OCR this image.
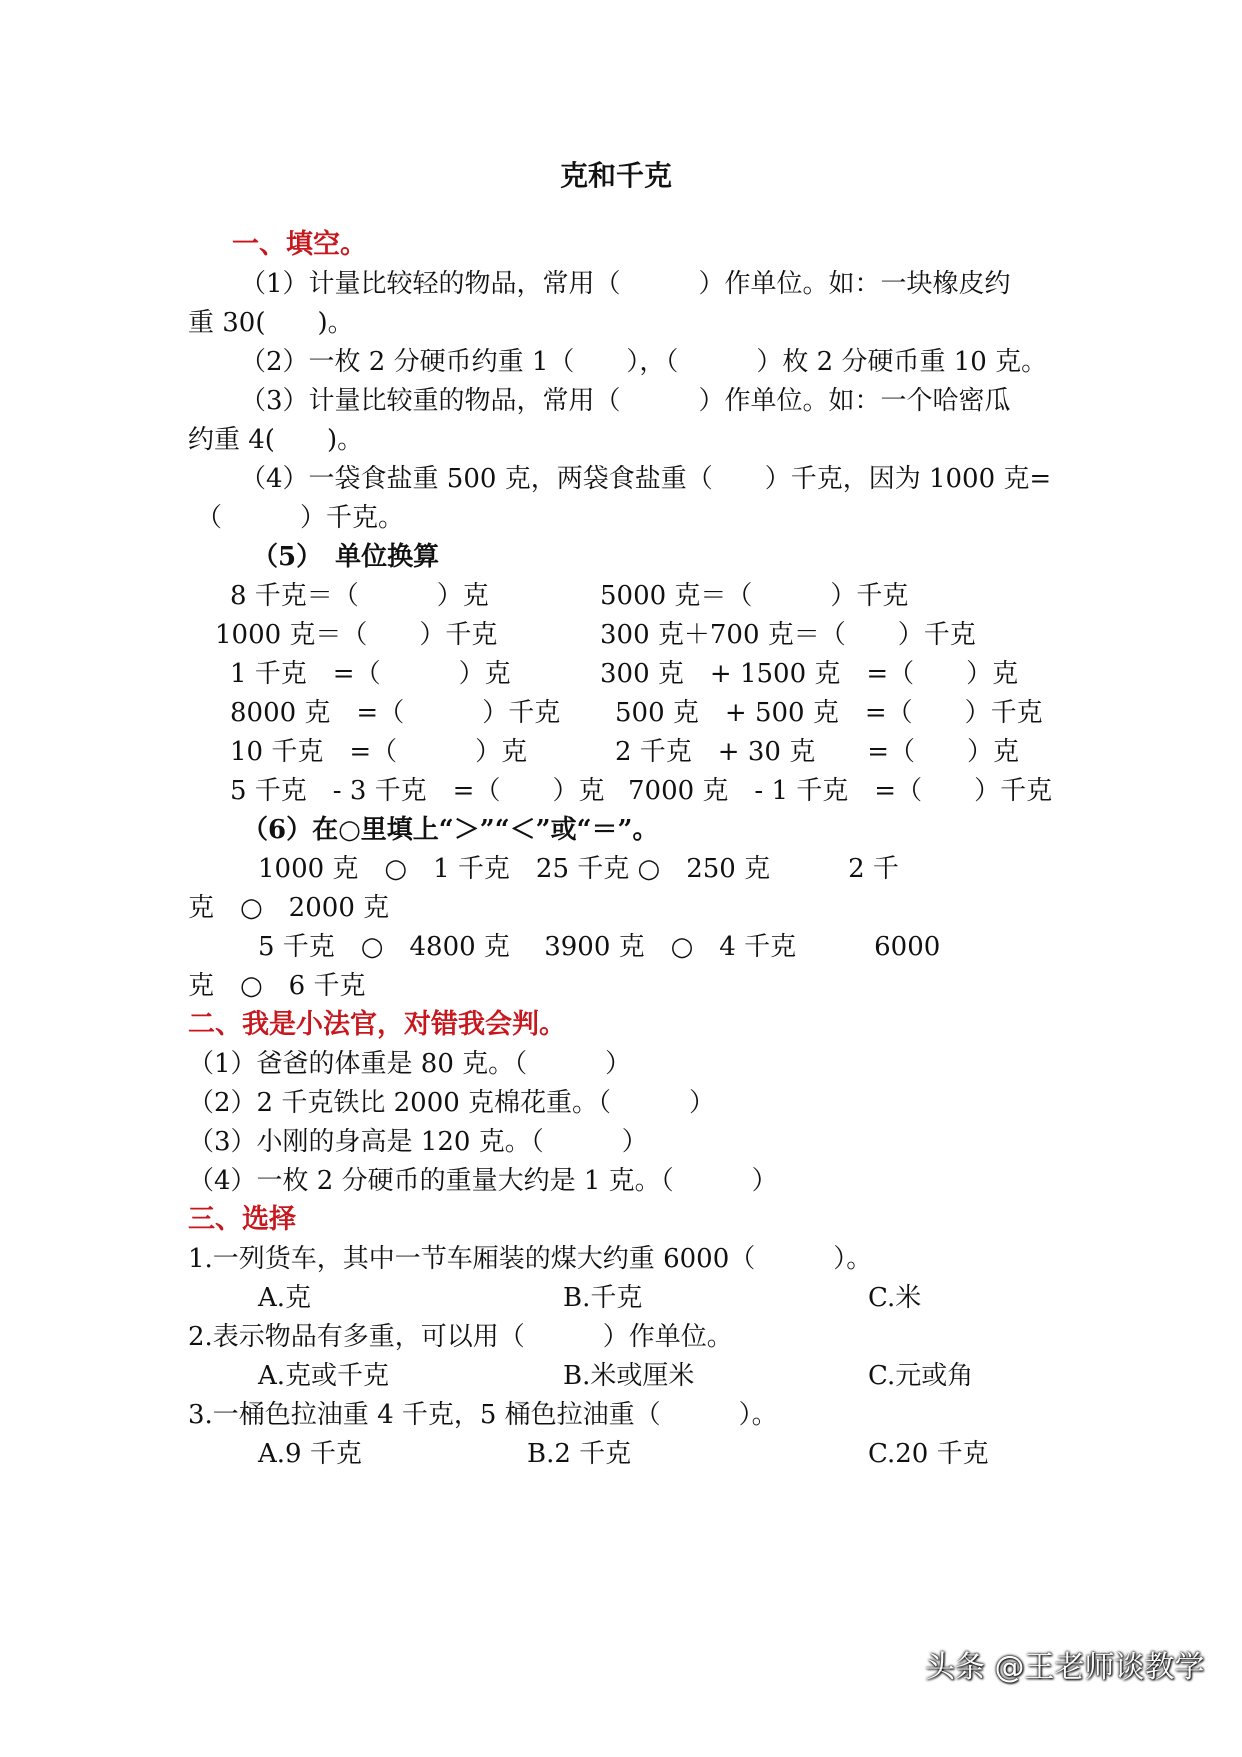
克和千克
一、填空。
（1）计量比较轻的物品，常用（　　　）作单位。如：一块橡皮约
重 30(　　)。
（2）一枚 2 分硬币约重 1（　　），（　　　）枚 2 分硬币重 10 克。
（3）计量比较重的物品，常用（　　　）作单位。如：一个哈密瓜
约重 4(　　)。
（4）一袋食盐重 500 克，两袋食盐重（　　）千克，因为 1000 克=
（　　　）千克。
（5）　单位换算
8 千克＝（　　　）克	5000 克＝（　　　）千克
1000 克＝（　　）千克	300 克＋700 克＝（　　）千克
1 千克　=（　　　）克	300 克　+ 1500 克　=（　　）克
8000 克　=（　　　）千克 500 克　+ 500 克　=（　　）千克
10 千克　=（　　　）克	2 千克　+ 30 克　　=（　　）克
5 千克　- 3 千克　=（　　）克 7000 克　- 1 千克　=（　　）千克
（6）在○里填上“＞”“＜”或“＝”。
1000 克　○　1 千克　25 千克 ○　250 克　　　2 千
克　○　2000 克
5 千克　○　4800 克　 3900 克　○　4 千克　　　6000
克　○　6 千克
二、我是小法官，对错我会判。
（1）爸爸的体重是 80 克。（　　　）
（2）2 千克铁比 2000 克棉花重。（　　　）
（3）小刚的身高是 120 克。（　　　）
（4）一枚 2 分硬币的重量大约是 1 克。（　　　）
三、选择
1.一列货车，其中一节车厢装的煤大约重 6000（　　　）。
A.克	B.千克	C.米
2.表示物品有多重，可以用（　　　）作单位。
A.克或千克	B.米或厘米	C.元或角
3.一桶色拉油重 4 千克，5 桶色拉油重（　　　）。
A.9 千克	B.2 千克	C.20 千克
头条 @王老师谈教学
